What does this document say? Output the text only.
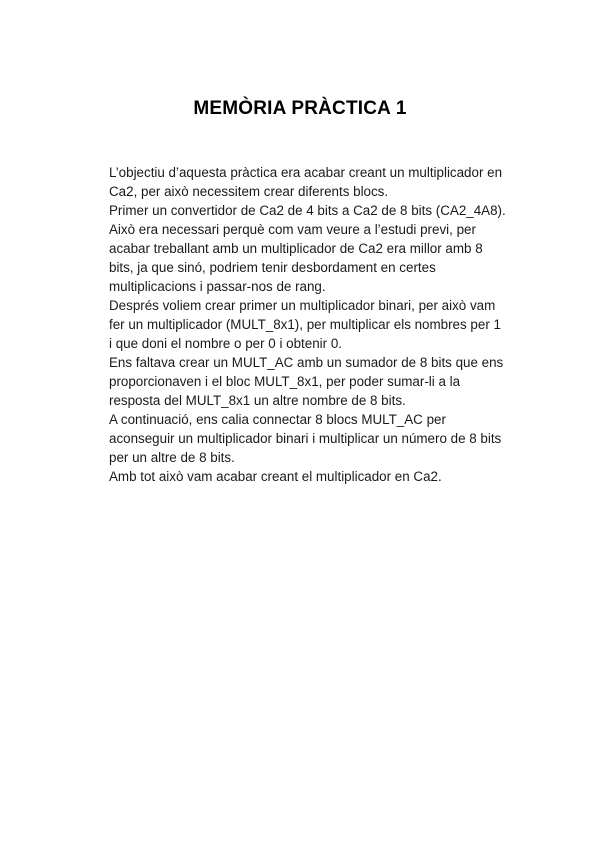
MEMÒRIA PRÀCTICA 1
L’objectiu d’aquesta pràctica era acabar creant un multiplicador en
Ca2, per això necessitem crear diferents blocs.
Primer un convertidor de Ca2 de 4 bits a Ca2 de 8 bits (CA2_4A8).
Això era necessari perquè com vam veure a l’estudi previ, per
acabar treballant amb un multiplicador de Ca2 era millor amb 8
bits, ja que sinó, podriem tenir desbordament en certes
multiplicacions i passar-nos de rang.
Després voliem crear primer un multiplicador binari, per això vam
fer un multiplicador (MULT_8x1), per multiplicar els nombres per 1
i que doni el nombre o per 0 i obtenir 0.
Ens faltava crear un MULT_AC amb un sumador de 8 bits que ens
proporcionaven i el bloc MULT_8x1, per poder sumar-li a la
resposta del MULT_8x1 un altre nombre de 8 bits.
A continuació, ens calia connectar 8 blocs MULT_AC per
aconseguir un multiplicador binari i multiplicar un número de 8 bits
per un altre de 8 bits.
Amb tot això vam acabar creant el multiplicador en Ca2.
